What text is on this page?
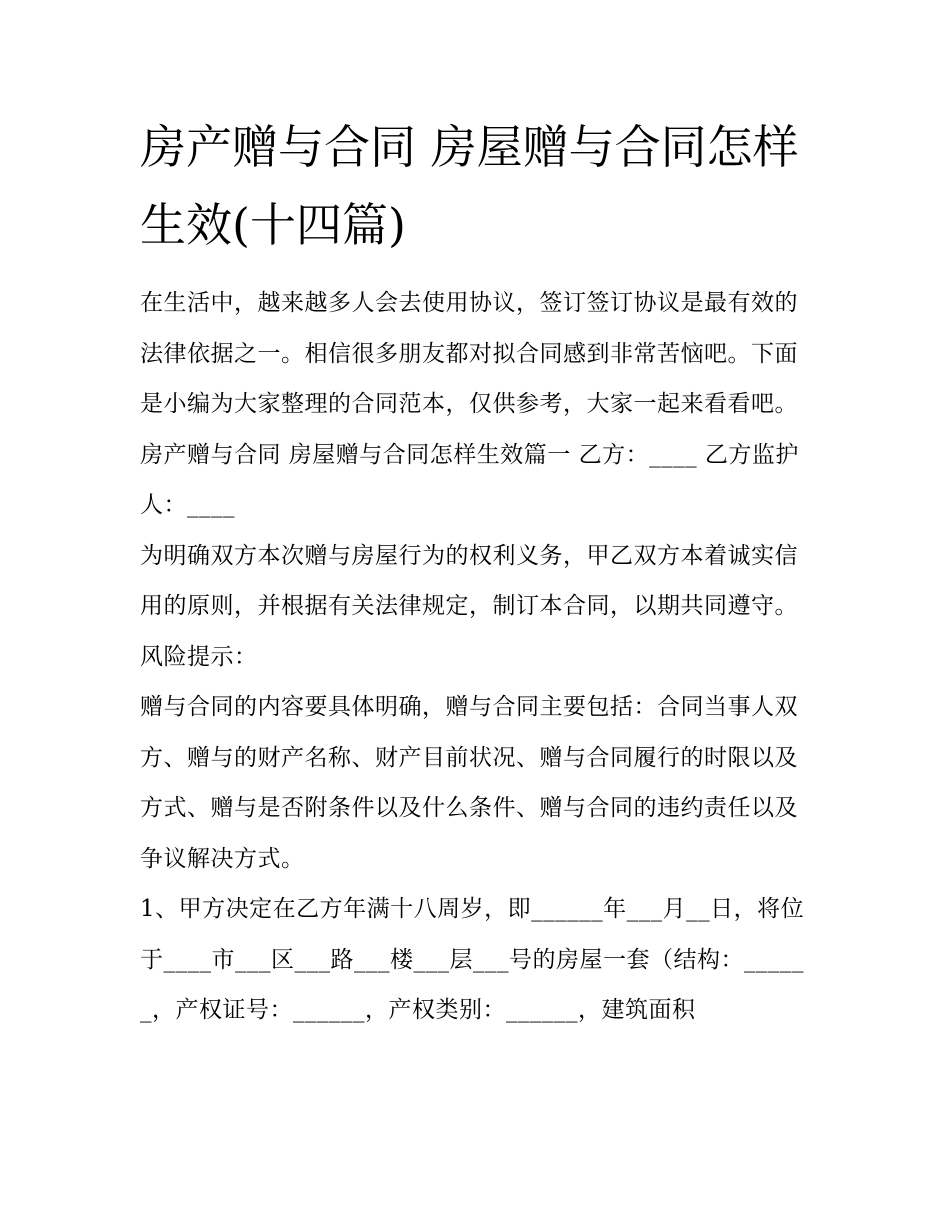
房产赠与合同 房屋赠与合同怎样生效(十四篇)

在生活中，越来越多人会去使用协议，签订签订协议是最有效的法律依据之一。相信很多朋友都对拟合同感到非常苦恼吧。下面是小编为大家整理的合同范本，仅供参考，大家一起来看看吧。

房产赠与合同 房屋赠与合同怎样生效篇一 乙方：____ 乙方监护人：____

为明确双方本次赠与房屋行为的权利义务，甲乙双方本着诚实信用的原则，并根据有关法律规定，制订本合同，以期共同遵守。 风险提示：

赠与合同的内容要具体明确，赠与合同主要包括：合同当事人双方、赠与的财产名称、财产目前状况、赠与合同履行的时限以及方式、赠与是否附条件以及什么条件、赠与合同的违约责任以及争议解决方式。

1、甲方决定在乙方年满十八周岁，即______年___月__日，将位于____市___区___路___楼___层___号的房屋一套（结构：______，产权证号：______，产权类别：______，建筑面积
